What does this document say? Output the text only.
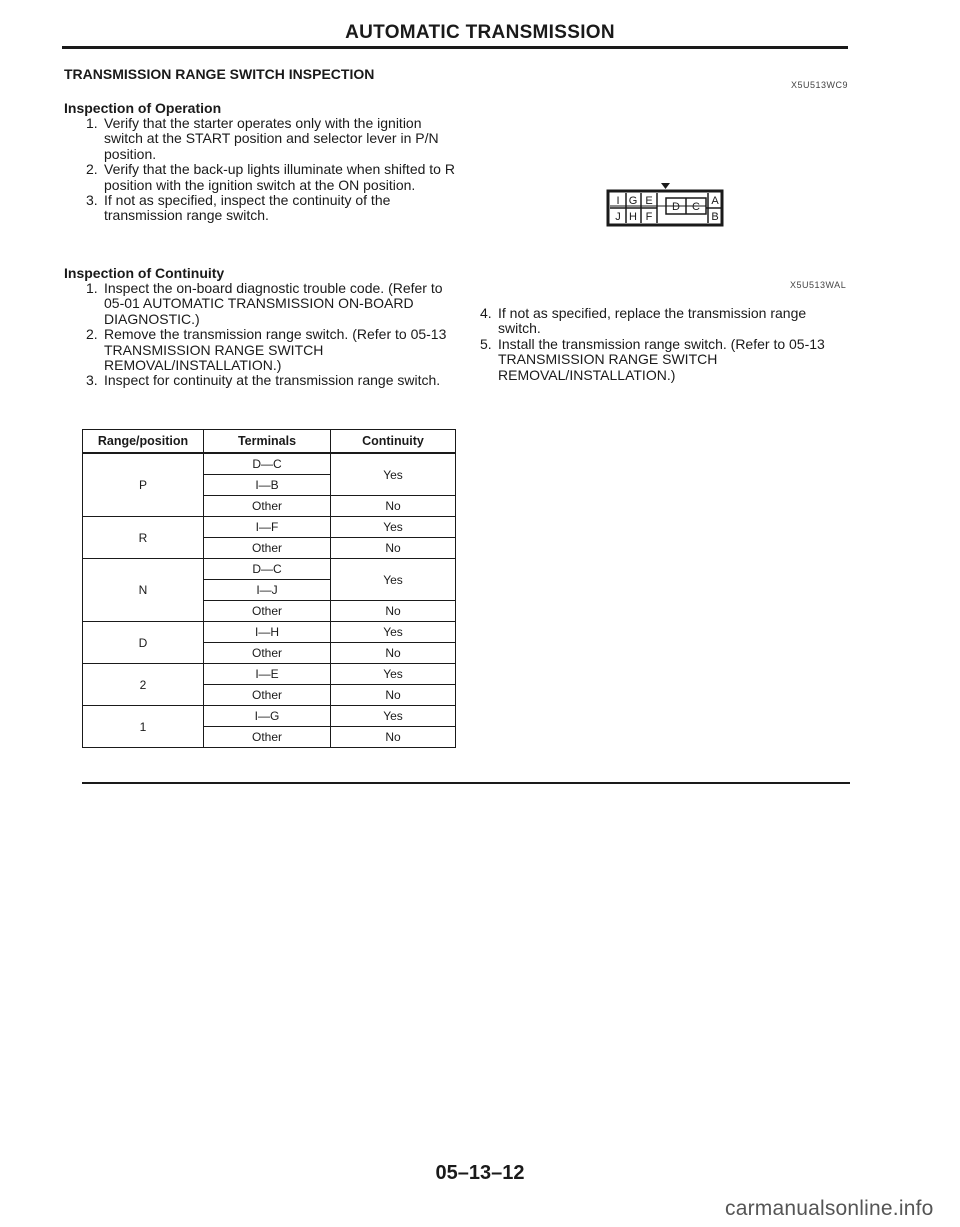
AUTOMATIC TRANSMISSION
TRANSMISSION RANGE SWITCH INSPECTION
X5U513WC9
Inspection of Operation
1. Verify that the starter operates only with the ignition switch at the START position and selector lever in P/N position.
2. Verify that the back-up lights illuminate when shifted to R position with the ignition switch at the ON position.
3. If not as specified, inspect the continuity of the transmission range switch.
Inspection of Continuity
1. Inspect the on-board diagnostic trouble code. (Refer to 05-01 AUTOMATIC TRANSMISSION ON-BOARD DIAGNOSTIC.)
2. Remove the transmission range switch. (Refer to 05-13 TRANSMISSION RANGE SWITCH REMOVAL/INSTALLATION.)
3. Inspect for continuity at the transmission range switch.
I G E
J H F
D C A
B
X5U513WAL
4. If not as specified, replace the transmission range switch.
5. Install the transmission range switch. (Refer to 05-13 TRANSMISSION RANGE SWITCH REMOVAL/INSTALLATION.)
Range/position	Terminals	Continuity
P	D—C	Yes
	I—B	
	Other	No
R	I—F	Yes
	Other	No
N	D—C	Yes
	I—J	
	Other	No
D	I—H	Yes
	Other	No
2	I—E	Yes
	Other	No
1	I—G	Yes
	Other	No
05–13–12
carmanualsonline.info
